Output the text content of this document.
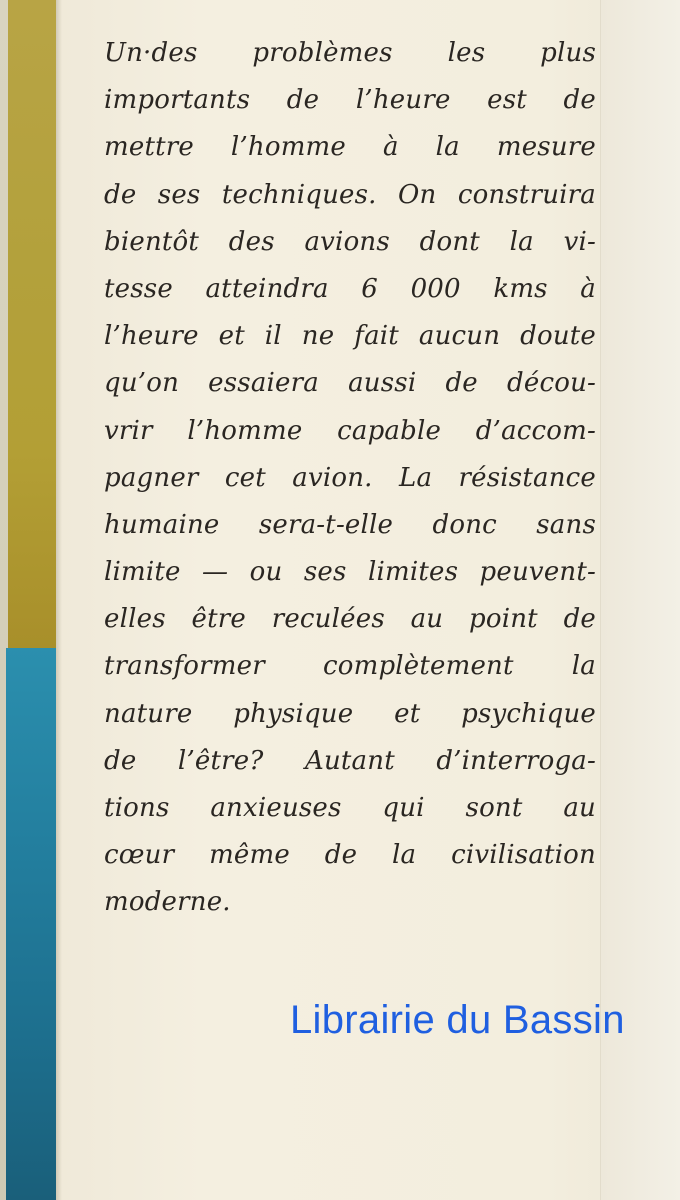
Un·des problèmes les plus
importants de l’heure est de
mettre l’homme à la mesure
de ses techniques. On construira
bientôt des avions dont la vi-
tesse atteindra 6 000 kms à
l’heure et il ne fait aucun doute
qu’on essaiera aussi de décou-
vrir l’homme capable d’accom-
pagner cet avion. La résistance
humaine sera-t-elle donc sans
limite — ou ses limites peuvent-
elles être reculées au point de
transformer complètement la
nature physique et psychique
de l’être? Autant d’interroga-
tions anxieuses qui sont au
cœur même de la civilisation
moderne.
Librairie du Bassin
